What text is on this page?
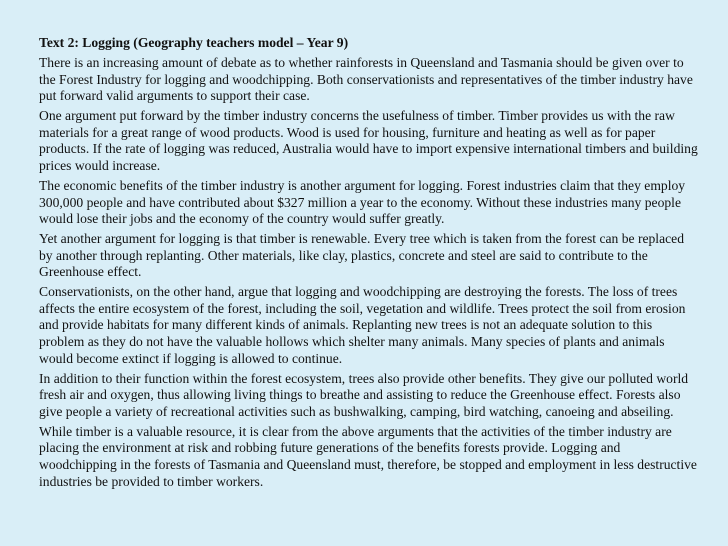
Text 2: Logging (Geography teachers model – Year 9)

There is an increasing amount of debate as to whether rainforests in Queensland and Tasmania should be given over to the Forest Industry for logging and woodchipping. Both conservationists and representatives of the timber industry have put forward valid arguments to support their case.

One argument put forward by the timber industry concerns the usefulness of timber. Timber provides us with the raw materials for a great range of wood products. Wood is used for housing, furniture and heating as well as for paper products. If the rate of logging was reduced, Australia would have to import expensive international timbers and building prices would increase.

The economic benefits of the timber industry is another argument for logging. Forest industries claim that they employ 300,000 people and have contributed about $327 million a year to the economy. Without these industries many people would lose their jobs and the economy of the country would suffer greatly.

Yet another argument for logging is that timber is renewable. Every tree which is taken from the forest can be replaced by another through replanting. Other materials, like clay, plastics, concrete and steel are said to contribute to the Greenhouse effect.

Conservationists, on the other hand, argue that logging and woodchipping are destroying the forests. The loss of trees affects the entire ecosystem of the forest, including the soil, vegetation and wildlife. Trees protect the soil from erosion and provide habitats for many different kinds of animals. Replanting new trees is not an adequate solution to this problem as they do not have the valuable hollows which shelter many animals. Many species of plants and animals would become extinct if logging is allowed to continue.

In addition to their function within the forest ecosystem, trees also provide other benefits. They give our polluted world fresh air and oxygen, thus allowing living things to breathe and assisting to reduce the Greenhouse effect. Forests also give people a variety of recreational activities such as bushwalking, camping, bird watching, canoeing and abseiling.

While timber is a valuable resource, it is clear from the above arguments that the activities of the timber industry are placing the environment at risk and robbing future generations of the benefits forests provide. Logging and woodchipping in the forests of Tasmania and Queensland must, therefore, be stopped and employment in less destructive industries be provided to timber workers.
